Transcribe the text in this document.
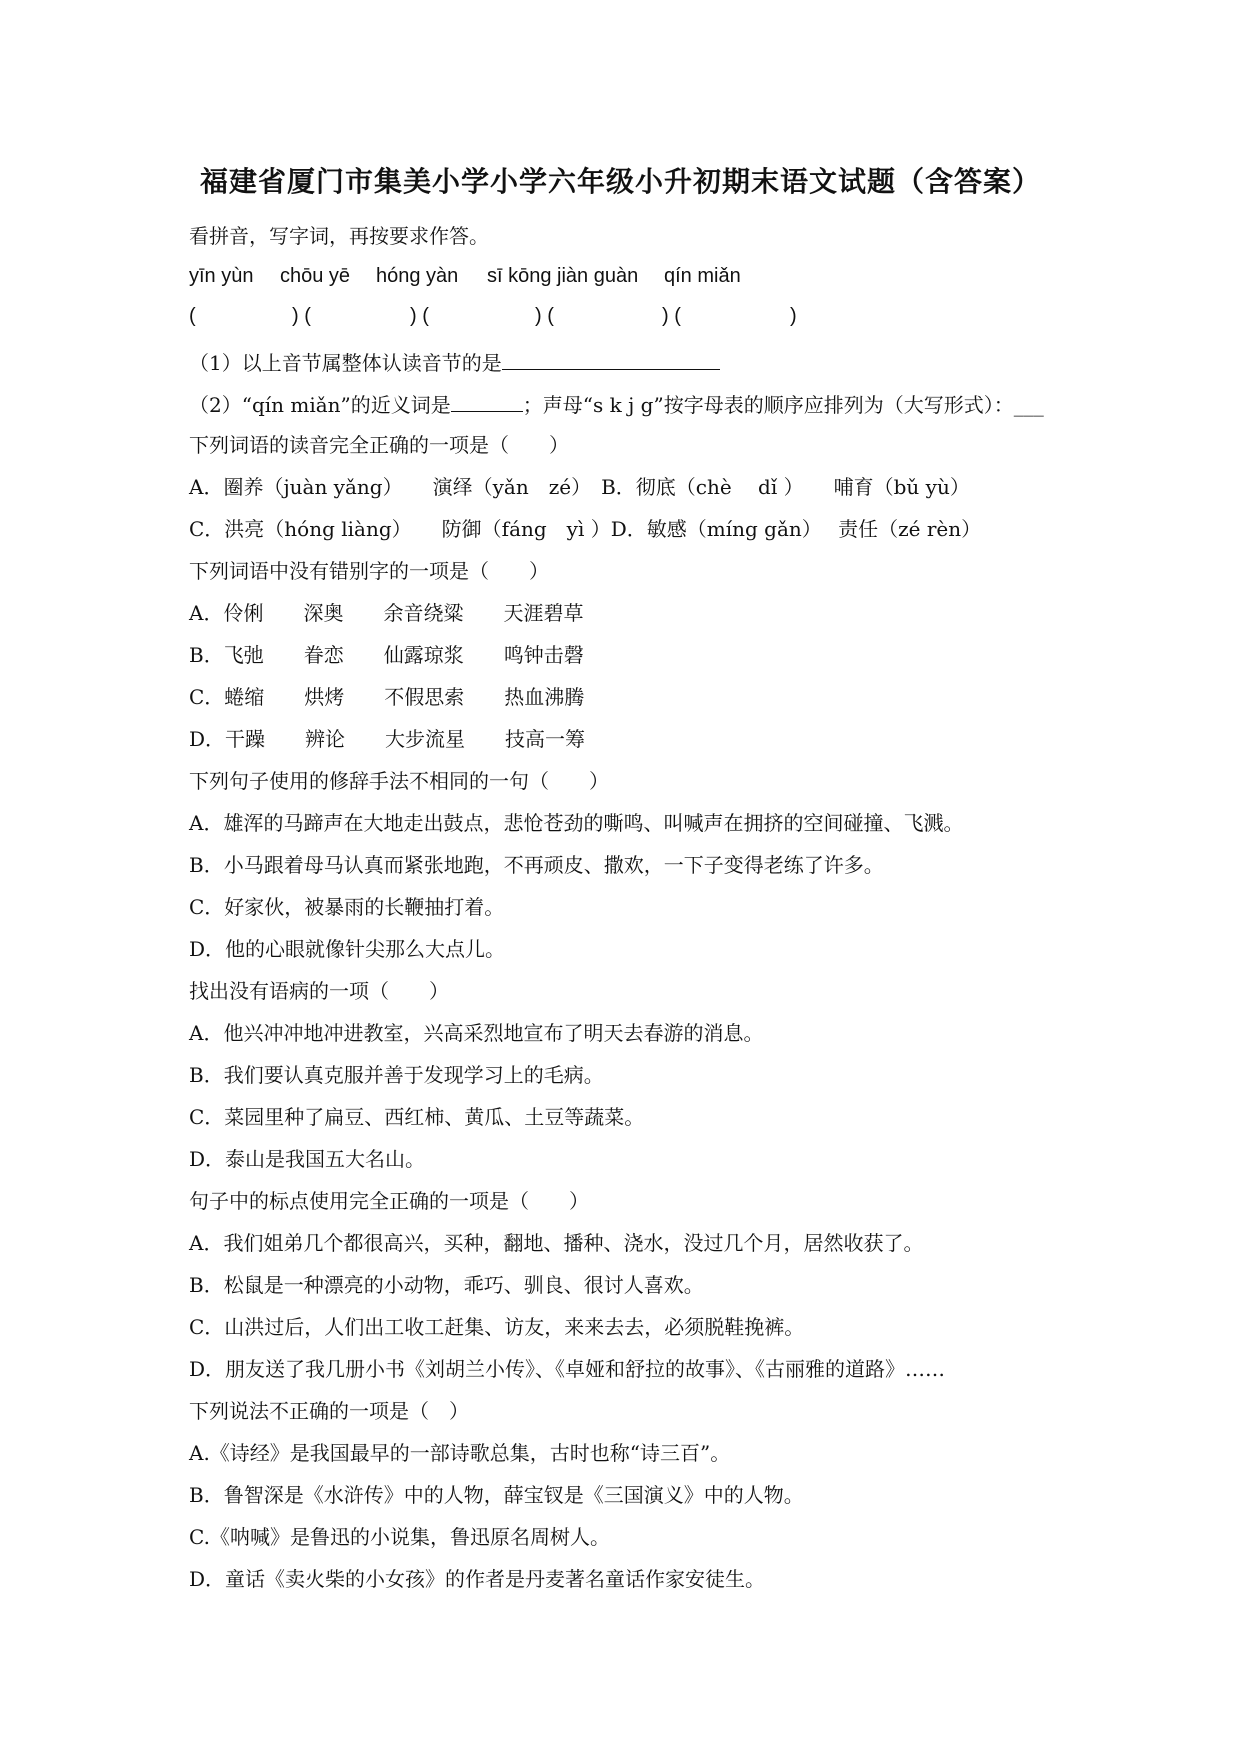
福建省厦门市集美小学小学六年级小升初期末语文试题（含答案）
看拼音，写字词，再按要求作答。
yīn yùn chōu yē hóng yàn sī kōng jiàn guàn qín miǎn
(	) (	) (	) (	) (	)
（1）以上音节属整体认读音节的是
（2）“qín miǎn”的近义词是	；声母“s k j g”按字母表的顺序应排列为（大写形式）：___
下列词语的读音完全正确的一项是（　　）
A．圈养（juàn yǎng）　　演绎（yǎn　zé）　B．彻底（chè　 dǐ ）　　哺育（bǔ yù）
C．洪亮（hóng liàng）　　防御（fáng　yì ）D．敏感（míng gǎn）　 责任（zé rèn）
下列词语中没有错别字的一项是（　　）
A．伶俐　　深奥　　余音绕粱　　天涯碧草
B．飞弛　　眷恋　　仙露琼浆　　鸣钟击磬
C．蜷缩　　烘烤　　不假思索　　热血沸腾
D．干躁　　辨论　　大步流星　　技高一筹
下列句子使用的修辞手法不相同的一句（　　）
A．雄浑的马蹄声在大地走出鼓点，悲怆苍劲的嘶鸣、叫喊声在拥挤的空间碰撞、飞溅。
B．小马跟着母马认真而紧张地跑，不再顽皮、撒欢，一下子变得老练了许多。
C．好家伙，被暴雨的长鞭抽打着。
D．他的心眼就像针尖那么大点儿。
找出没有语病的一项（　　）
A．他兴冲冲地冲进教室，兴高采烈地宣布了明天去春游的消息。
B．我们要认真克服并善于发现学习上的毛病。
C．菜园里种了扁豆、西红柿、黄瓜、土豆等蔬菜。
D．泰山是我国五大名山。
句子中的标点使用完全正确的一项是（　　）
A．我们姐弟几个都很高兴，买种，翻地、播种、浇水，没过几个月，居然收获了。
B．松鼠是一种漂亮的小动物，乖巧、驯良、很讨人喜欢。
C．山洪过后，人们出工收工赶集、访友，来来去去，必须脱鞋挽裤。
D．朋友送了我几册小书《刘胡兰小传》、《卓娅和舒拉的故事》、《古丽雅的道路》……
下列说法不正确的一项是（　）
A.《诗经》是我国最早的一部诗歌总集，古时也称“诗三百”。
B．鲁智深是《水浒传》中的人物，薛宝钗是《三国演义》中的人物。
C.《呐喊》是鲁迅的小说集，鲁迅原名周树人。
D．童话《卖火柴的小女孩》的作者是丹麦著名童话作家安徒生。
